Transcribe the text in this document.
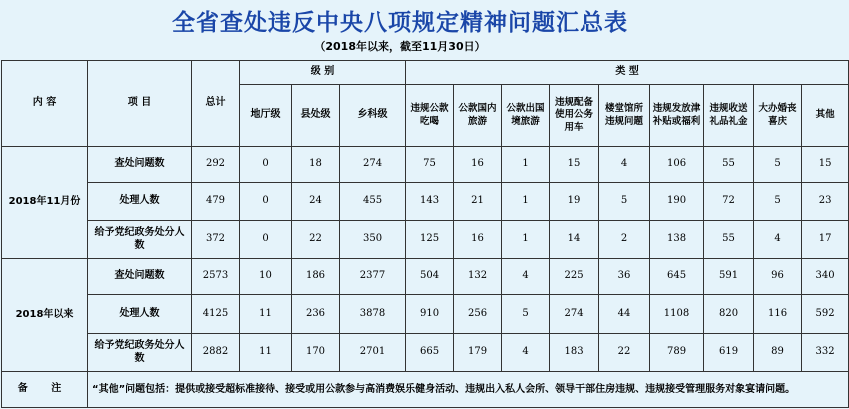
全省查处违反中央八项规定精神问题汇总表
（2018年以来，截至11月30日）
内 容	项 目	总计	级 别			类 型								
			地厅级	县处级	乡科级	违规公款吃喝	公款国内旅游	公款出国境旅游	违规配备使用公务用车	楼堂馆所违规问题	违规发放津补贴或福利	违规收送礼品礼金	大办婚丧喜庆	其他
2018年11月份	查处问题数	292	0	18	274	75	16	1	15	4	106	55	5	15
	处理人数	479	0	24	455	143	21	1	19	5	190	72	5	23
	给予党纪政务处分人数	372	0	22	350	125	16	1	14	2	138	55	4	17
2018年以来	查处问题数	2573	10	186	2377	504	132	4	225	36	645	591	96	340
	处理人数	4125	11	236	3878	910	256	5	274	44	1108	820	116	592
	给予党纪政务处分人数	2882	11	170	2701	665	179	4	183	22	789	619	89	332
备 注	“其他”问题包括：提供或接受超标准接待、接受或用公款参与高消费娱乐健身活动、违规出入私人会所、领导干部住房违规、违规接受管理服务对象宴请问题。													
